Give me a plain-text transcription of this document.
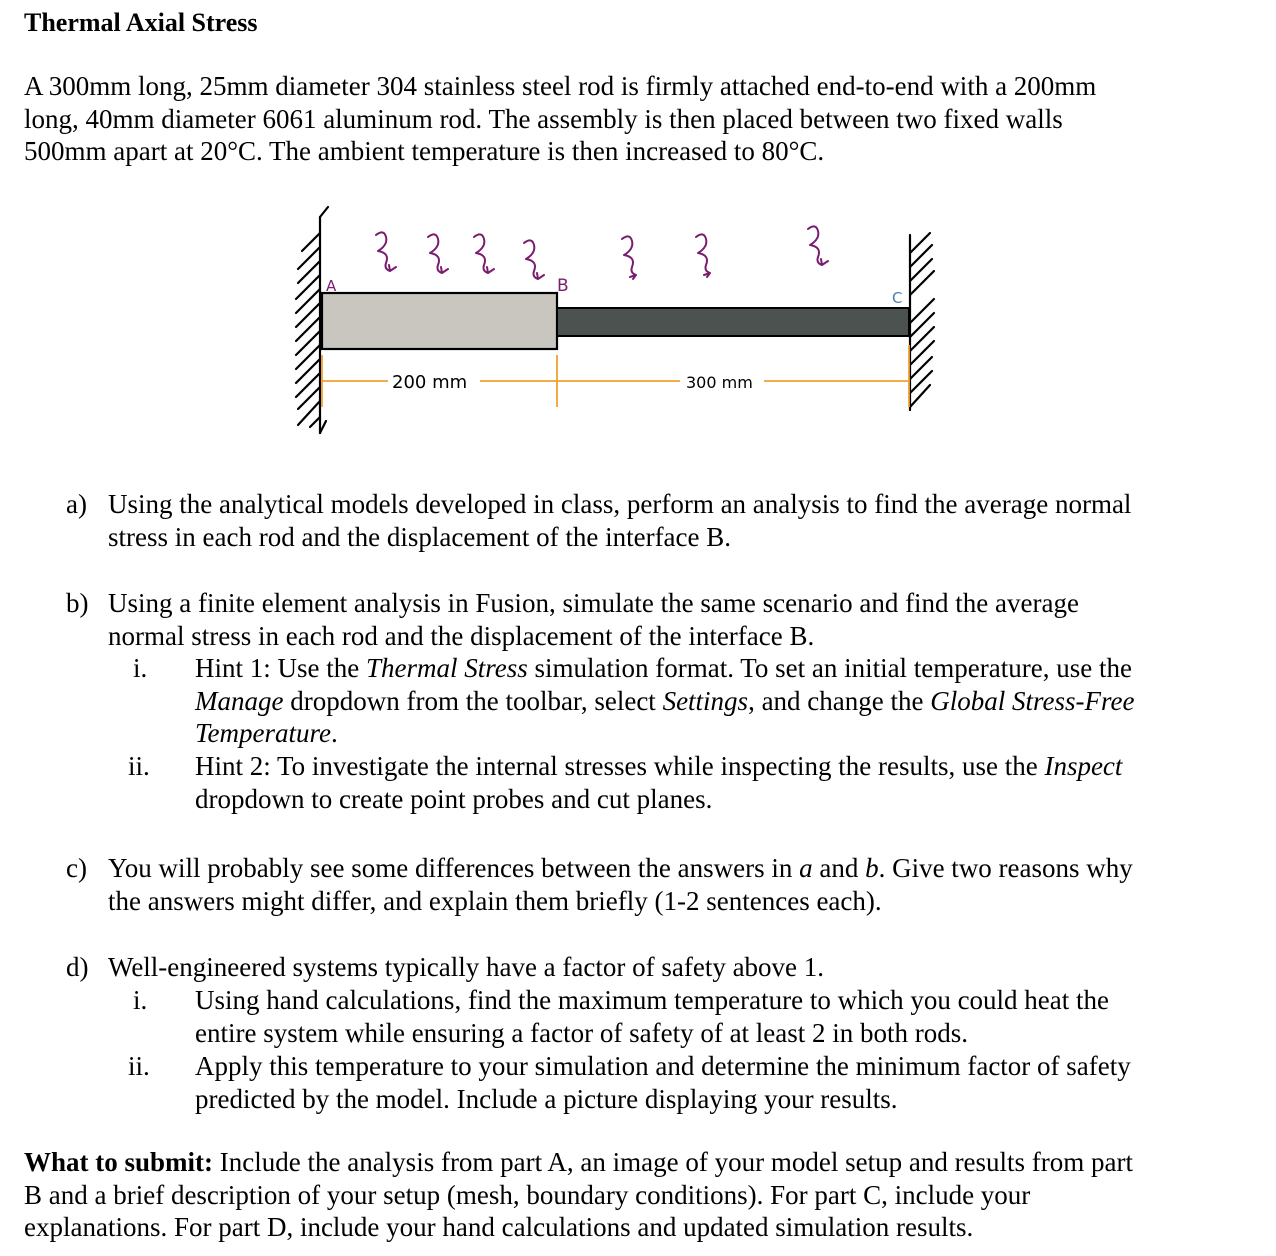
Thermal Axial Stress
A 300mm long, 25mm diameter 304 stainless steel rod is firmly attached end-to-end with a 200mm
long, 40mm diameter 6061 aluminum rod. The assembly is then placed between two fixed walls
500mm apart at 20°C. The ambient temperature is then increased to 80°C.
A	B
C
200 mm	300 mm
a) Using the analytical models developed in class, perform an analysis to find the average normal
stress in each rod and the displacement of the interface B.
b) Using a finite element analysis in Fusion, simulate the same scenario and find the average
normal stress in each rod and the displacement of the interface B.
i. Hint 1: Use the Thermal Stress simulation format. To set an initial temperature, use the
Manage dropdown from the toolbar, select Settings, and change the Global Stress-Free
Temperature.
ii. Hint 2: To investigate the internal stresses while inspecting the results, use the Inspect
dropdown to create point probes and cut planes.
c) You will probably see some differences between the answers in a and b. Give two reasons why
the answers might differ, and explain them briefly (1-2 sentences each).
d) Well-engineered systems typically have a factor of safety above 1.
i. Using hand calculations, find the maximum temperature to which you could heat the
entire system while ensuring a factor of safety of at least 2 in both rods.
ii. Apply this temperature to your simulation and determine the minimum factor of safety
predicted by the model. Include a picture displaying your results.
What to submit: Include the analysis from part A, an image of your model setup and results from part
B and a brief description of your setup (mesh, boundary conditions). For part C, include your
explanations. For part D, include your hand calculations and updated simulation results.
